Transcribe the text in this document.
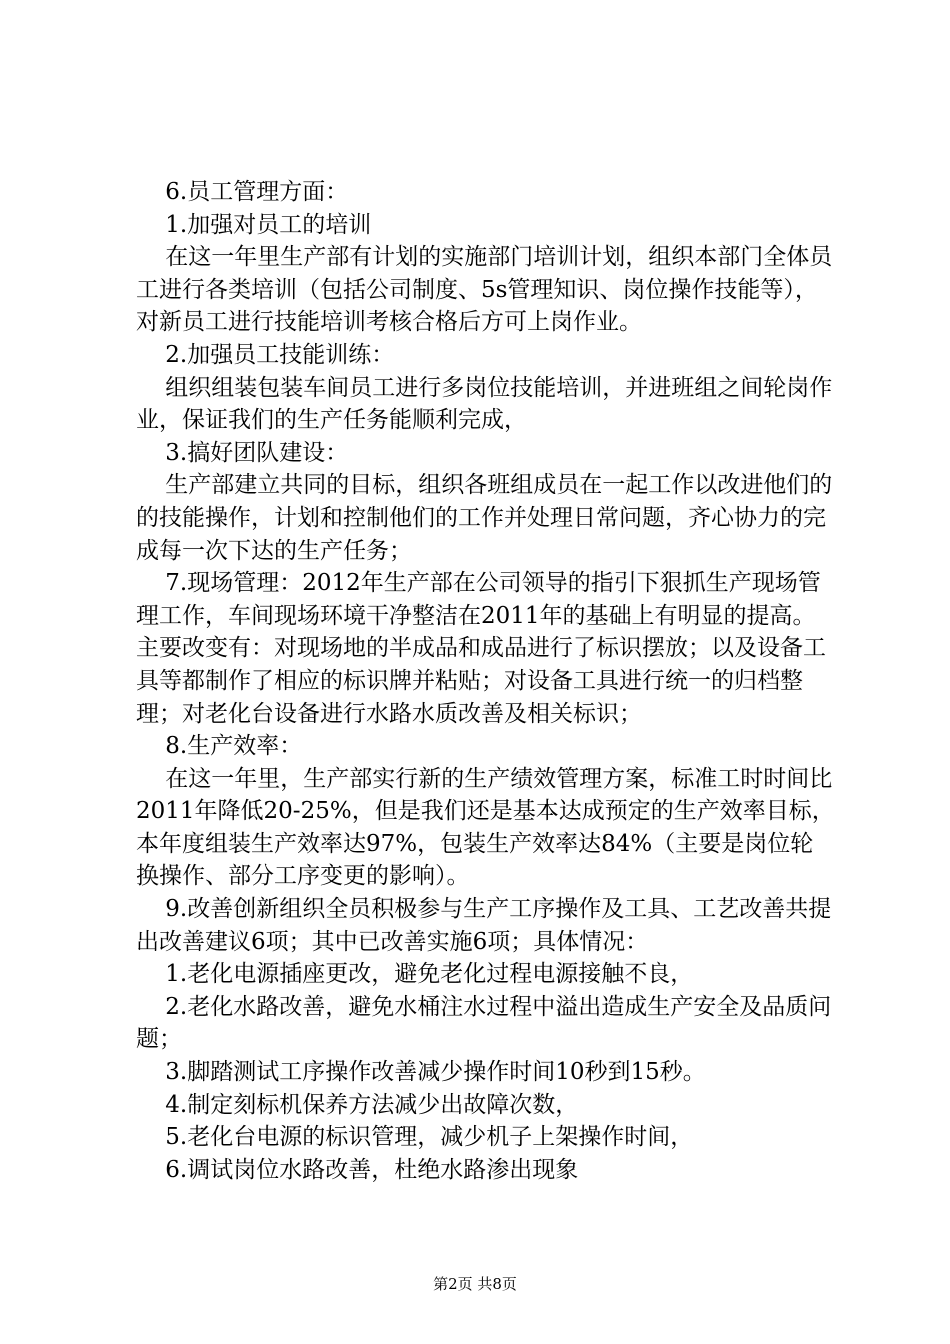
6.员工管理方面：

1.加强对员工的培训

在这一年里生产部有计划的实施部门培训计划，组织本部门全体员工进行各类培训（包括公司制度、5s管理知识、岗位操作技能等），对新员工进行技能培训考核合格后方可上岗作业。

2.加强员工技能训练：

组织组装包装车间员工进行多岗位技能培训，并进班组之间轮岗作业，保证我们的生产任务能顺利完成，

3.搞好团队建设：

生产部建立共同的目标，组织各班组成员在一起工作以改进他们的的技能操作，计划和控制他们的工作并处理日常问题，齐心协力的完成每一次下达的生产任务；

7.现场管理：2012年生产部在公司领导的指引下狠抓生产现场管理工作，车间现场环境干净整洁在2011年的基础上有明显的提高。主要改变有：对现场地的半成品和成品进行了标识摆放；以及设备工具等都制作了相应的标识牌并粘贴；对设备工具进行统一的归档整理；对老化台设备进行水路水质改善及相关标识；

8.生产效率：

在这一年里，生产部实行新的生产绩效管理方案，标准工时时间比2011年降低20-25%，但是我们还是基本达成预定的生产效率目标，本年度组装生产效率达97%，包装生产效率达84%（主要是岗位轮换操作、部分工序变更的影响）。

9.改善创新组织全员积极参与生产工序操作及工具、工艺改善共提出改善建议6项；其中已改善实施6项；具体情况：

1.老化电源插座更改，避免老化过程电源接触不良，

2.老化水路改善，避免水桶注水过程中溢出造成生产安全及品质问题；

3.脚踏测试工序操作改善减少操作时间10秒到15秒。

4.制定刻标机保养方法减少出故障次数，

5.老化台电源的标识管理，减少机子上架操作时间，

6.调试岗位水路改善，杜绝水路渗出现象

第2页 共8页
